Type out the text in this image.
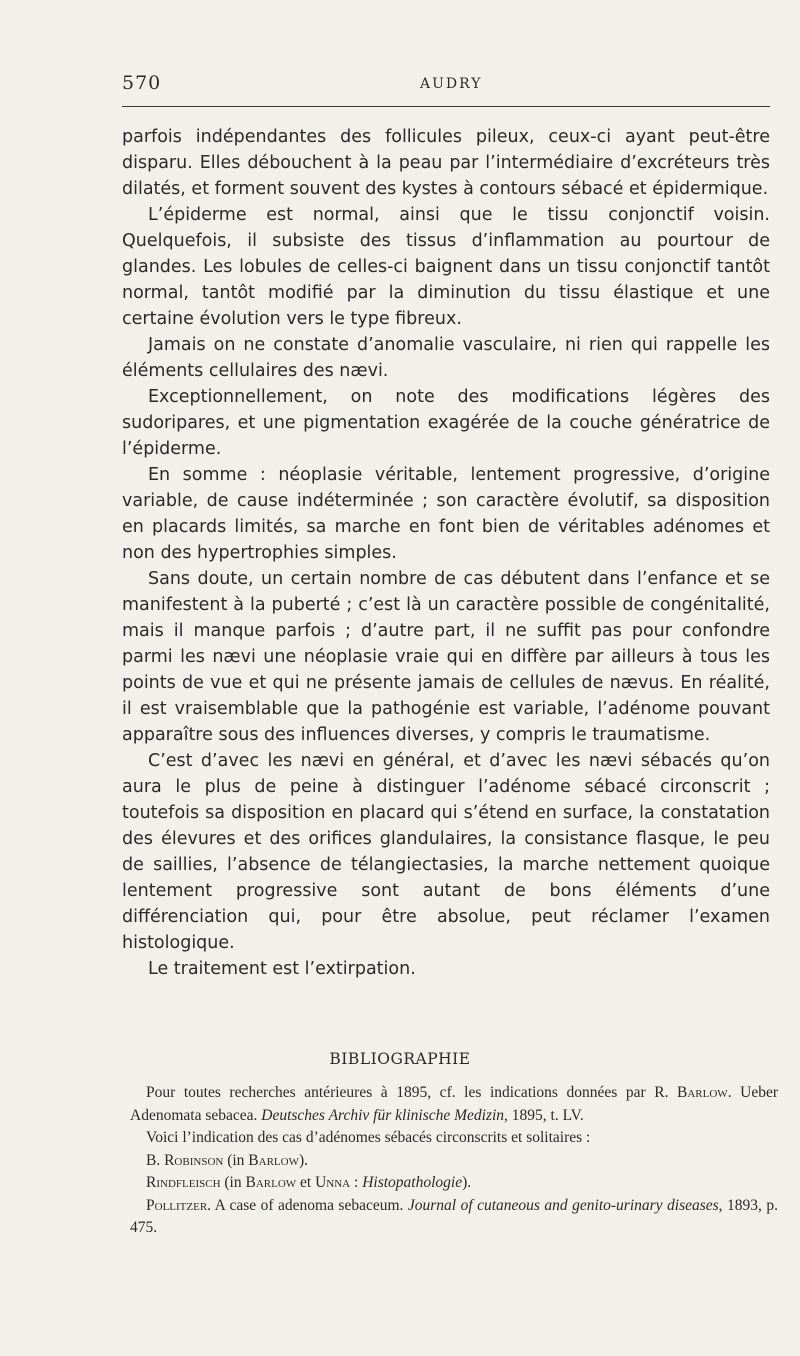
570	AUDRY

parfois indépendantes des follicules pileux, ceux-ci ayant peut-être disparu. Elles débouchent à la peau par l’intermédiaire d’excréteurs très dilatés, et forment souvent des kystes à contours sébacé et épidermique.

L’épiderme est normal, ainsi que le tissu conjonctif voisin. Quelquefois, il subsiste des tissus d’inflammation au pourtour de glandes. Les lobules de celles-ci baignent dans un tissu conjonctif tantôt normal, tantôt modifié par la diminution du tissu élastique et une certaine évolution vers le type fibreux.

Jamais on ne constate d’anomalie vasculaire, ni rien qui rappelle les éléments cellulaires des nævi.

Exceptionnellement, on note des modifications légères des sudoripares, et une pigmentation exagérée de la couche génératrice de l’épiderme.

En somme : néoplasie véritable, lentement progressive, d’origine variable, de cause indéterminée ; son caractère évolutif, sa disposition en placards limités, sa marche en font bien de véritables adénomes et non des hypertrophies simples.

Sans doute, un certain nombre de cas débutent dans l’enfance et se manifestent à la puberté ; c’est là un caractère possible de congénitalité, mais il manque parfois ; d’autre part, il ne suffit pas pour confondre parmi les nævi une néoplasie vraie qui en diffère par ailleurs à tous les points de vue et qui ne présente jamais de cellules de nævus. En réalité, il est vraisemblable que la pathogénie est variable, l’adénome pouvant apparaître sous des influences diverses, y compris le traumatisme.

C’est d’avec les nævi en général, et d’avec les nævi sébacés qu’on aura le plus de peine à distinguer l’adénome sébacé circonscrit ; toutefois sa disposition en placard qui s’étend en surface, la constatation des élevures et des orifices glandulaires, la consistance flasque, le peu de saillies, l’absence de télangiectasies, la marche nettement quoique lentement progressive sont autant de bons éléments d’une différenciation qui, pour être absolue, peut réclamer l’examen histologique.

Le traitement est l’extirpation.

BIBLIOGRAPHIE

Pour toutes recherches antérieures à 1895, cf. les indications données par R. Barlow. Ueber Adenomata sebacea. Deutsches Archiv für klinische Medizin, 1895, t. LV.

Voici l’indication des cas d’adénomes sébacés circonscrits et solitaires :

B. Robinson (in Barlow).

Rindfleisch (in Barlow et Unna : Histopathologie).

Pollitzer. A case of adenoma sebaceum. Journal of cutaneous and genito-urinary diseases, 1893, p. 475.
